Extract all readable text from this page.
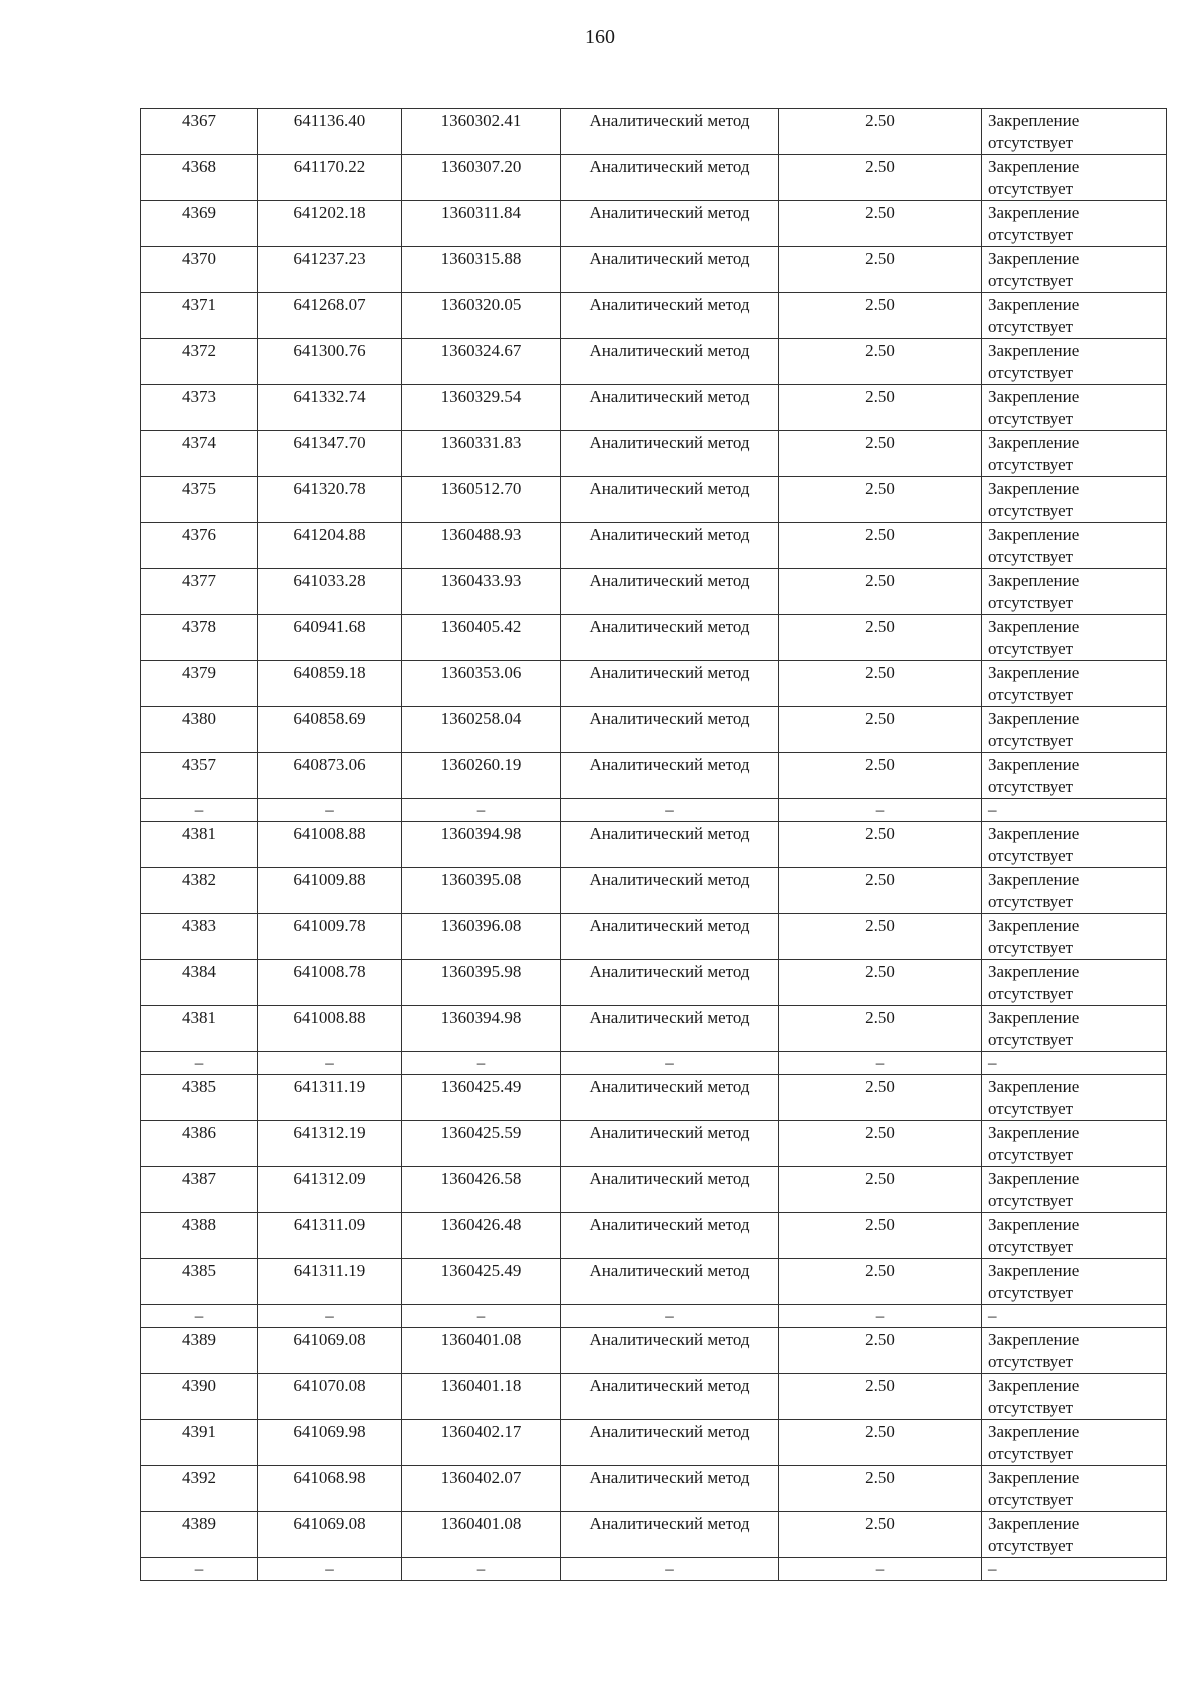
160
4367	641136.40	1360302.41	Аналитический метод	2.50	Закрепление отсутствует
4368	641170.22	1360307.20	Аналитический метод	2.50	Закрепление отсутствует
4369	641202.18	1360311.84	Аналитический метод	2.50	Закрепление отсутствует
4370	641237.23	1360315.88	Аналитический метод	2.50	Закрепление отсутствует
4371	641268.07	1360320.05	Аналитический метод	2.50	Закрепление отсутствует
4372	641300.76	1360324.67	Аналитический метод	2.50	Закрепление отсутствует
4373	641332.74	1360329.54	Аналитический метод	2.50	Закрепление отсутствует
4374	641347.70	1360331.83	Аналитический метод	2.50	Закрепление отсутствует
4375	641320.78	1360512.70	Аналитический метод	2.50	Закрепление отсутствует
4376	641204.88	1360488.93	Аналитический метод	2.50	Закрепление отсутствует
4377	641033.28	1360433.93	Аналитический метод	2.50	Закрепление отсутствует
4378	640941.68	1360405.42	Аналитический метод	2.50	Закрепление отсутствует
4379	640859.18	1360353.06	Аналитический метод	2.50	Закрепление отсутствует
4380	640858.69	1360258.04	Аналитический метод	2.50	Закрепление отсутствует
4357	640873.06	1360260.19	Аналитический метод	2.50	Закрепление отсутствует
–	–	–	–	–	–
4381	641008.88	1360394.98	Аналитический метод	2.50	Закрепление отсутствует
4382	641009.88	1360395.08	Аналитический метод	2.50	Закрепление отсутствует
4383	641009.78	1360396.08	Аналитический метод	2.50	Закрепление отсутствует
4384	641008.78	1360395.98	Аналитический метод	2.50	Закрепление отсутствует
4381	641008.88	1360394.98	Аналитический метод	2.50	Закрепление отсутствует
–	–	–	–	–	–
4385	641311.19	1360425.49	Аналитический метод	2.50	Закрепление отсутствует
4386	641312.19	1360425.59	Аналитический метод	2.50	Закрепление отсутствует
4387	641312.09	1360426.58	Аналитический метод	2.50	Закрепление отсутствует
4388	641311.09	1360426.48	Аналитический метод	2.50	Закрепление отсутствует
4385	641311.19	1360425.49	Аналитический метод	2.50	Закрепление отсутствует
–	–	–	–	–	–
4389	641069.08	1360401.08	Аналитический метод	2.50	Закрепление отсутствует
4390	641070.08	1360401.18	Аналитический метод	2.50	Закрепление отсутствует
4391	641069.98	1360402.17	Аналитический метод	2.50	Закрепление отсутствует
4392	641068.98	1360402.07	Аналитический метод	2.50	Закрепление отсутствует
4389	641069.08	1360401.08	Аналитический метод	2.50	Закрепление отсутствует
–	–	–	–	–	–
